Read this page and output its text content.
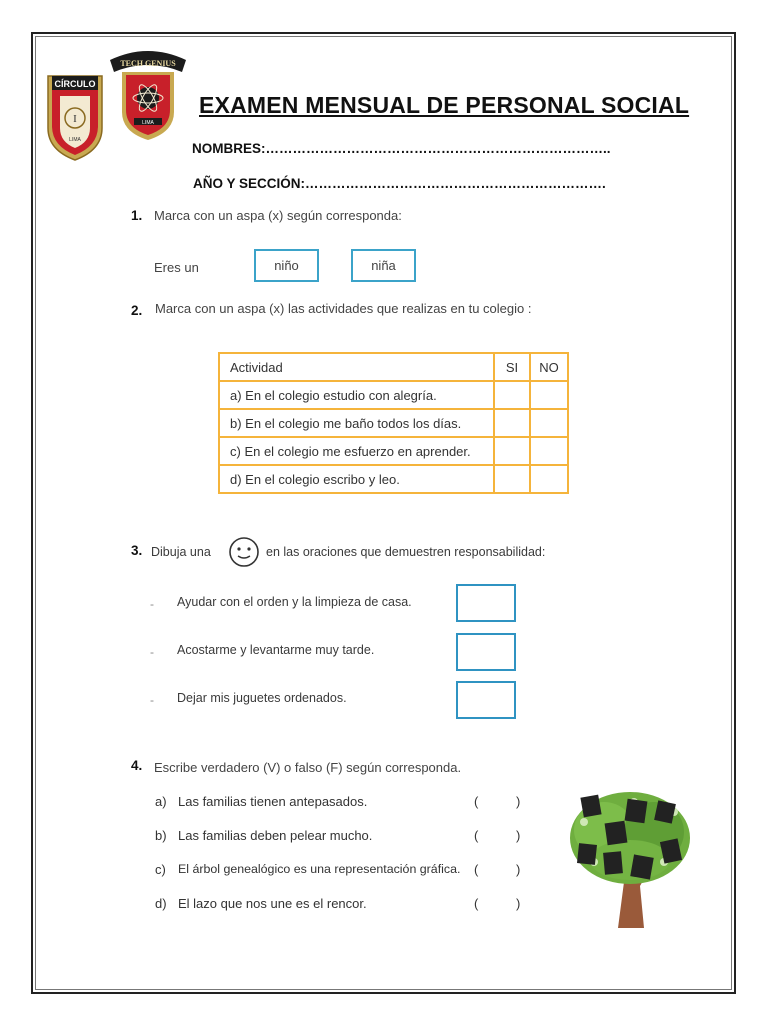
CÍRCULO
I
LIMA
TECH GENIUS
LIMA
EXAMEN MENSUAL DE PERSONAL SOCIAL
NOMBRES:…………………………………………………………………..
AÑO Y SECCIÓN:………………………………………………………….
1. Marca con un aspa (x) según corresponda:
Eres un	niño	niña
2. Marca con un aspa (x) las actividades que realizas en tu colegio :
Actividad	SI	NO
a) En el colegio estudio con alegría.		
b) En el colegio me baño todos los días.		
c) En el colegio me esfuerzo en aprender.		
d) En el colegio escribo y leo.		
3. Dibuja una	en las oraciones que demuestren responsabilidad:
- Ayudar con el orden y la limpieza de casa.
- Acostarme y levantarme muy tarde.
- Dejar mis juguetes ordenados.
4. Escribe verdadero (V) o falso (F) según corresponda.
a) Las familias tienen antepasados.	(	)
b) Las familias deben pelear mucho.	(	)
c) El árbol genealógico es una representación gráfica. (	)
d) El lazo que nos une es el rencor.	(	)
